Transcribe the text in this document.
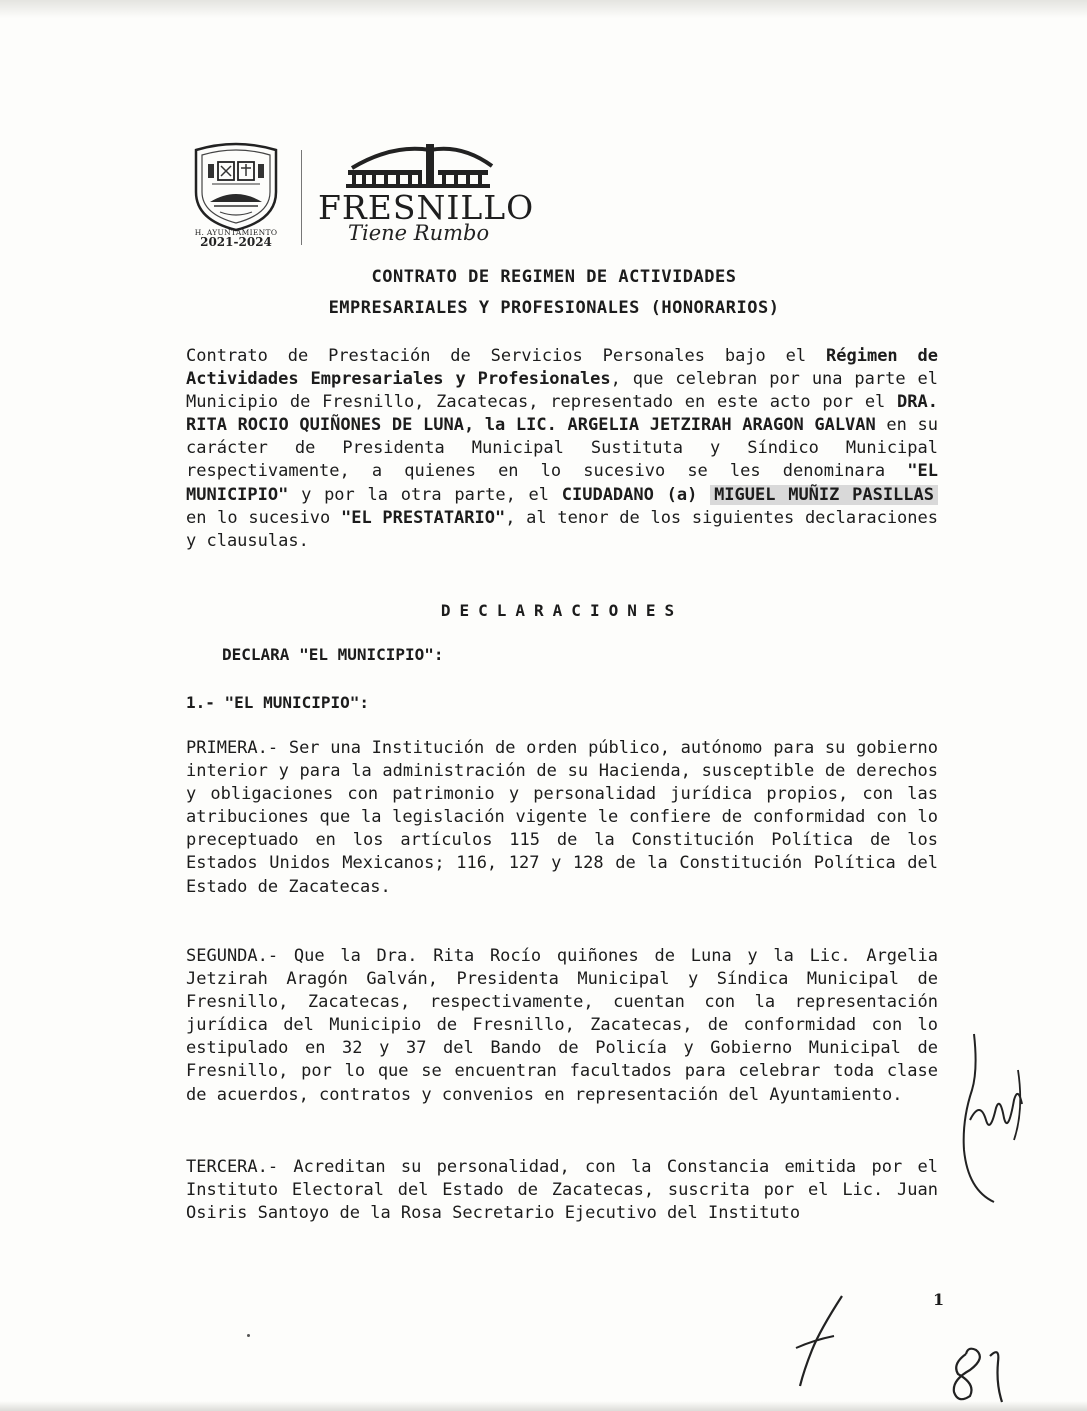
H. AYUNTAMIENTO
2021-2024
FRESNILLO
Tiene Rumbo
CONTRATO DE REGIMEN DE ACTIVIDADES
EMPRESARIALES Y PROFESIONALES (HONORARIOS)

Contrato de Prestación de Servicios Personales bajo el Régimen de Actividades Empresariales y Profesionales, que celebran por una parte el Municipio de Fresnillo, Zacatecas, representado en este acto por el DRA. RITA ROCIO QUIÑONES DE LUNA, la LIC. ARGELIA JETZIRAH ARAGON GALVAN en su carácter de Presidenta Municipal Sustituta y Síndico Municipal respectivamente, a quienes en lo sucesivo se les denominara "EL MUNICIPIO" y por la otra parte, el CIUDADANO (a) MIGUEL MUÑIZ PASILLAS en lo sucesivo "EL PRESTATARIO", al tenor de los siguientes declaraciones y clausulas.

DECLARACIONES
DECLARA "EL MUNICIPIO":
1.- "EL MUNICIPIO":

PRIMERA.- Ser una Institución de orden público, autónomo para su gobierno interior y para la administración de su Hacienda, susceptible de derechos y obligaciones con patrimonio y personalidad jurídica propios, con las atribuciones que la legislación vigente le confiere de conformidad con lo preceptuado en los artículos 115 de la Constitución Política de los Estados Unidos Mexicanos; 116, 127 y 128 de la Constitución Política del Estado de Zacatecas.

SEGUNDA.- Que la Dra. Rita Rocío quiñones de Luna y la Lic. Argelia Jetzirah Aragón Galván, Presidenta Municipal y Síndica Municipal de Fresnillo, Zacatecas, respectivamente, cuentan con la representación jurídica del Municipio de Fresnillo, Zacatecas, de conformidad con lo estipulado en 32 y 37 del Bando de Policía y Gobierno Municipal de Fresnillo, por lo que se encuentran facultados para celebrar toda clase de acuerdos, contratos y convenios en representación del Ayuntamiento.

TERCERA.- Acreditan su personalidad, con la Constancia emitida por el Instituto Electoral del Estado de Zacatecas, suscrita por el Lic. Juan Osiris Santoyo de la Rosa Secretario Ejecutivo del Instituto

1
